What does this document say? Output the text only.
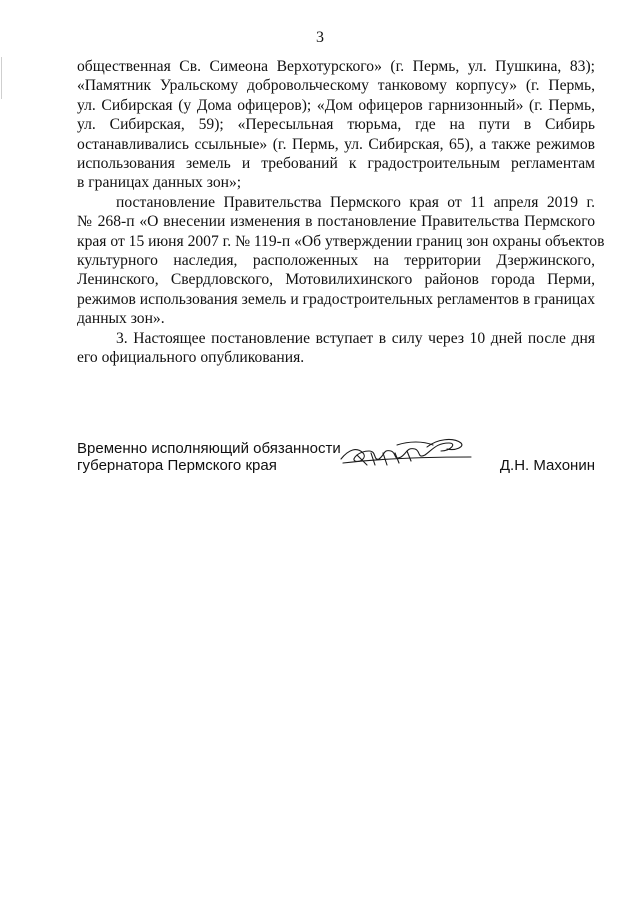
3

общественная Св. Симеона Верхотурского» (г. Пермь, ул. Пушкина, 83);
«Памятник Уральскому добровольческому танковому корпусу» (г. Пермь,
ул. Сибирская (у Дома офицеров); «Дом офицеров гарнизонный» (г. Пермь,
ул. Сибирская, 59); «Пересыльная тюрьма, где на пути в Сибирь
останавливались ссыльные» (г. Пермь, ул. Сибирская, 65), а также режимов
использования земель и требований к градостроительным регламентам
в границах данных зон»;

постановление Правительства Пермского края от 11 апреля 2019 г.
№ 268-п «О внесении изменения в постановление Правительства Пермского
края от 15 июня 2007 г. № 119-п «Об утверждении границ зон охраны объектов
культурного наследия, расположенных на территории Дзержинского,
Ленинского, Свердловского, Мотовилихинского районов города Перми,
режимов использования земель и градостроительных регламентов в границах
данных зон».

3. Настоящее постановление вступает в силу через 10 дней после дня
его официального опубликования.

Временно исполняющий обязанности
губернатора Пермского края	Д.Н. Махонин
